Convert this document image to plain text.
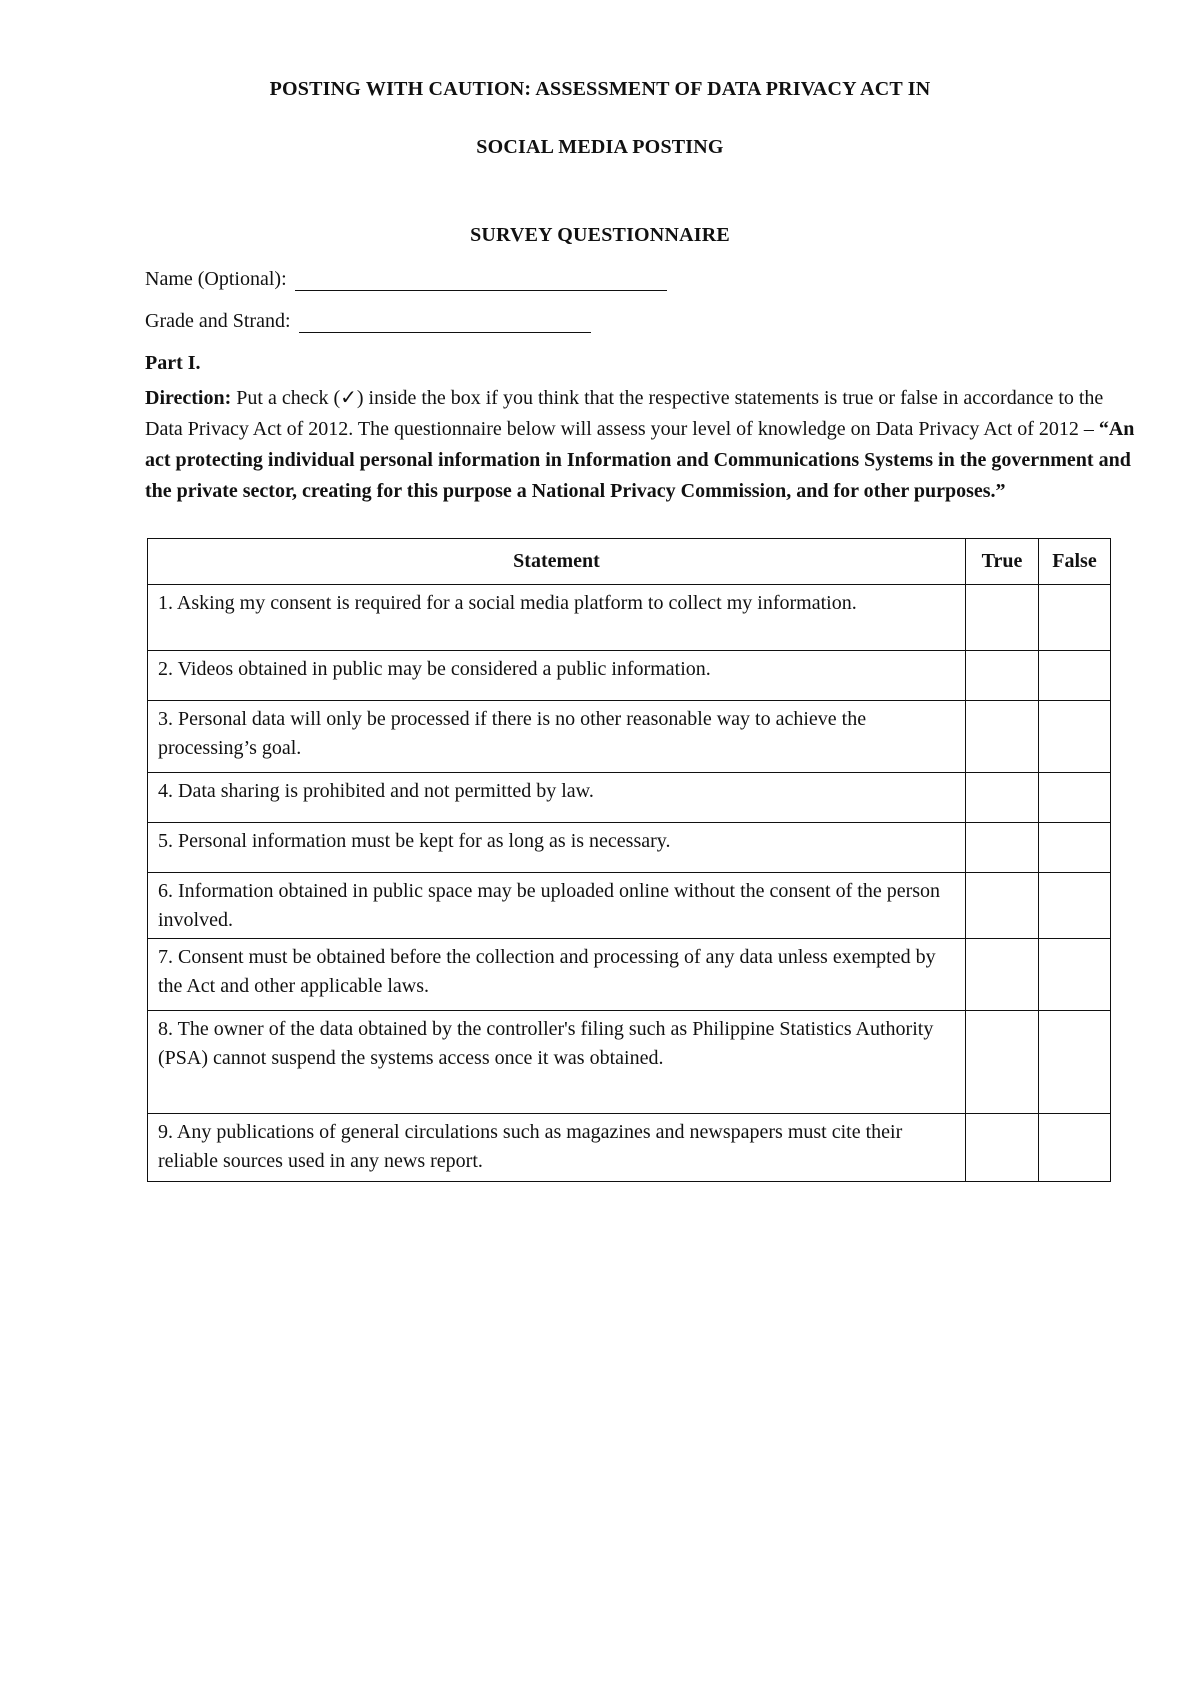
POSTING WITH CAUTION: ASSESSMENT OF DATA PRIVACY ACT IN
SOCIAL MEDIA POSTING
SURVEY QUESTIONNAIRE
Name (Optional):
Grade and Strand:
Part I.
Direction: Put a check (✓) inside the box if you think that the respective statements is true or false in accordance to the Data Privacy Act of 2012. The questionnaire below will assess your level of knowledge on Data Privacy Act of 2012 – “An act protecting individual personal information in Information and Communications Systems in the government and the private sector, creating for this purpose a National Privacy Commission, and for other purposes.”
Statement	True	False
1. Asking my consent is required for a social media platform to collect my information.		
2. Videos obtained in public may be considered a public information.		
3. Personal data will only be processed if there is no other reasonable way to achieve the processing’s goal.		
4. Data sharing is prohibited and not permitted by law.		
5. Personal information must be kept for as long as is necessary.		
6. Information obtained in public space may be uploaded online without the consent of the person involved.		
7. Consent must be obtained before the collection and processing of any data unless exempted by the Act and other applicable laws.		
8. The owner of the data obtained by the controller's filing such as Philippine Statistics Authority (PSA) cannot suspend the systems access once it was obtained.		
9. Any publications of general circulations such as magazines and newspapers must cite their reliable sources used in any news report.		
